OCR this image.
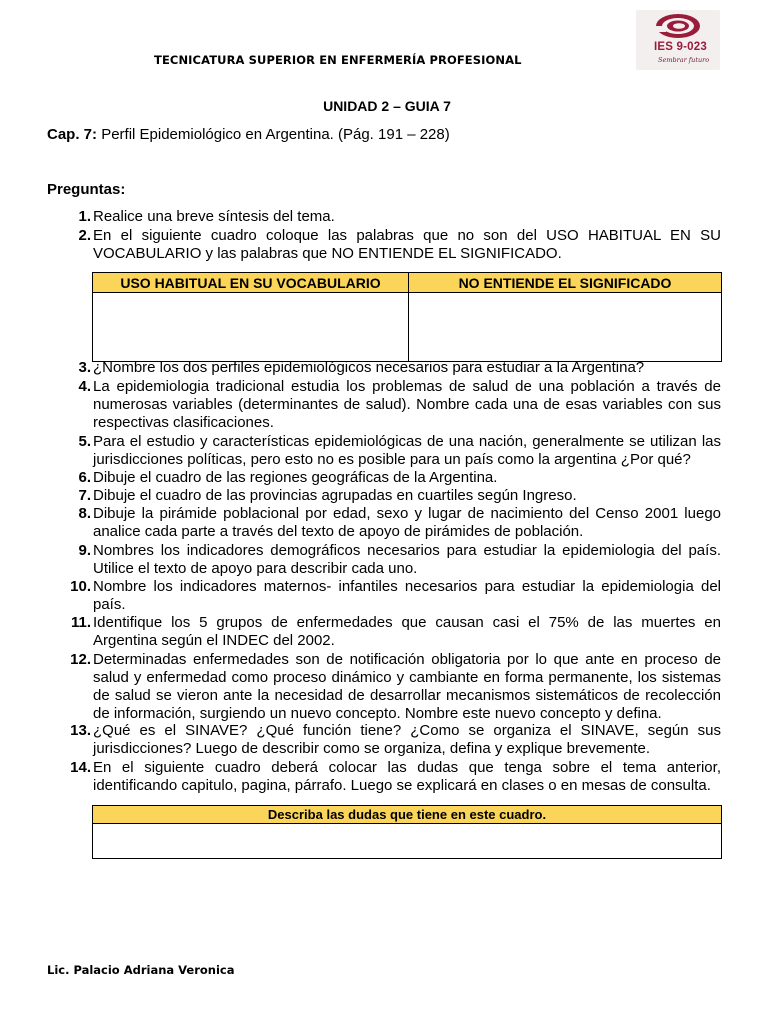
TECNICATURA SUPERIOR EN ENFERMERÍA PROFESIONAL
IES 9-023
Sembrar futuro
UNIDAD 2 – GUIA 7
Cap. 7: Perfil Epidemiológico en Argentina. (Pág. 191 – 228)
Preguntas:
1. Realice una breve síntesis del tema.
2. En el siguiente cuadro coloque las palabras que no son del USO HABITUAL EN SU VOCABULARIO y las palabras que NO ENTIENDE EL SIGNIFICADO.
USO HABITUAL EN SU VOCABULARIO	NO ENTIENDE EL SIGNIFICADO
3. ¿Nombre los dos perfiles epidemiológicos necesarios para estudiar a la Argentina?
4. La epidemiologia tradicional estudia los problemas de salud de una población a través de numerosas variables (determinantes de salud). Nombre cada una de esas variables con sus respectivas clasificaciones.
5. Para el estudio y características epidemiológicas de una nación, generalmente se utilizan las jurisdicciones políticas, pero esto no es posible para un país como la argentina ¿Por qué?
6. Dibuje el cuadro de las regiones geográficas de la Argentina.
7. Dibuje el cuadro de las provincias agrupadas en cuartiles según Ingreso.
8. Dibuje la pirámide poblacional por edad, sexo y lugar de nacimiento del Censo 2001 luego analice cada parte a través del texto de apoyo de pirámides de población.
9. Nombres los indicadores demográficos necesarios para estudiar la epidemiologia del país. Utilice el texto de apoyo para describir cada uno.
10. Nombre los indicadores maternos- infantiles necesarios para estudiar la epidemiologia del país.
11. Identifique los 5 grupos de enfermedades que causan casi el 75% de las muertes en Argentina según el INDEC del 2002.
12. Determinadas enfermedades son de notificación obligatoria por lo que ante en proceso de salud y enfermedad como proceso dinámico y cambiante en forma permanente, los sistemas de salud se vieron ante la necesidad de desarrollar mecanismos sistemáticos de recolección de información, surgiendo un nuevo concepto. Nombre este nuevo concepto y defina.
13. ¿Qué es el SINAVE? ¿Qué función tiene? ¿Como se organiza el SINAVE, según sus jurisdicciones? Luego de describir como se organiza, defina y explique brevemente.
14. En el siguiente cuadro deberá colocar las dudas que tenga sobre el tema anterior, identificando capitulo, pagina, párrafo. Luego se explicará en clases o en mesas de consulta.
Describa las dudas que tiene en este cuadro.
Lic. Palacio Adriana Veronica
